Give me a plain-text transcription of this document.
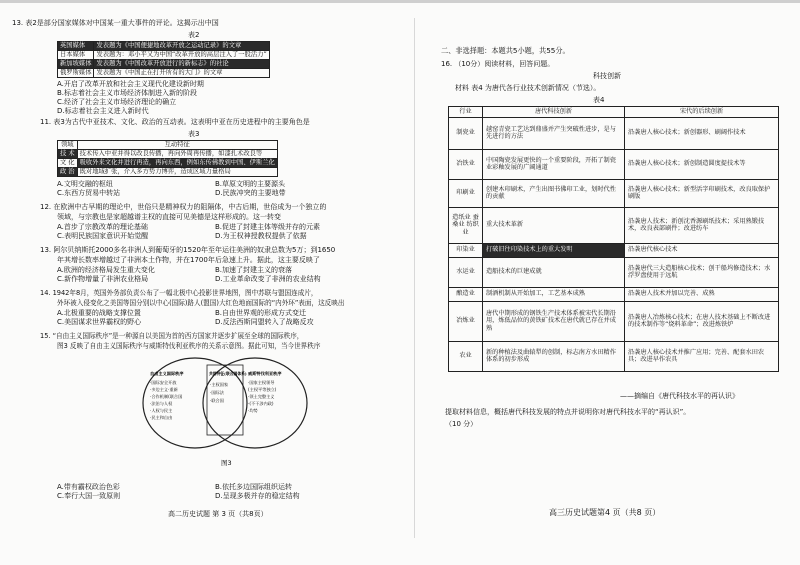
13. 表2是部分国家媒体对中国某一重大事件的评论。这揭示出中国
表2
英国媒体	发表题为《中国便捷地改革开放之运动记录》的文章
日本媒体	发表题为：邓小平又为中国“改革开放的高层注入了一股活力”
新加坡媒体	发表题为《中国改革开放进行的新标志》的社论
俄罗斯媒体	发表题为《中国正在打开所有的大门》的文章
A.开启了改革开放和社会主义现代化建设新时期
B.标志着社会主义市场经济体制进入新的阶段
C.经济了社会主义市场经济理论的确立
D.标志着社会主义进入新时代
11. 表3为古代中亚技术、文化、政治的互动表。这表明中亚在历史进程中的主要角色是
表3
领域	互动特征
技 术	技术传入中亚并得以改良传播，再向外周再传播，如漆扎术改良等
文 化	吸收外来文化并进行再造，再向东西，例如东传佛教到中国、伊斯兰化
政 治	既对地域扩张，介入多方势力博弈，造成区域力量格局
A.文明交融的枢纽	B.草原文明的主要源头
C.东西方贸易中转站	D.民族冲突的主要地带
12. 在欧洲中古早期的理论中，世俗只是精神权力的阻隔体，中古后期，世俗成为一个独立的
领域，与宗教也是家超越谱主权的直接可见美德是这样形成的。这一转变
A.首步了宗教改革的理论基础	B.促进了封建主体等级并存的元素
C.表明民族国家意识开始觉醒	D.为王权神授教权提供了依据
13. 阿尔贝纳斯托2000多名非洲人到葡萄牙的1520年至年运往美洲的奴隶总数为5万；到1650
年其增长数率增越过了非洲本土作物，并在1700年后急速上升。据此，这主要反映了
A.欧洲的经济格局发生重大变化	B.加速了封建主义的衰落
C.新作物增量了非洲农业格局	D.工业革命改变了非洲的农业结构
14. 1942年8月，英国外务部负责公布了一幅北极中心投影世界地图，图中苏联与盟国连成片，
外环被入侵变化之美国等国分别以中心(国际)路人(盟国)大红色地面国际的“内外环”表面，这反映出
A.北极重要的战略支撑位置	B.自由世界观的形成方式变迁
C.美国谋求世界霸权的野心	D.反法西斯同盟转入了战略反攻
15. “自由主义国际秩序”是一种源自以美国为首的西方国家并逐步扩展至全球的国际秩序，
图3 反映了自由主义国际秩序与威斯特伐利亚秩序的关系示意图。据此可知，当今世界秩序
自由主义国际秩序
·国际安全开放
·多边主义·重新
·合作机制(联合国
·法治与人权
·人权与民主
·民主和自由
共同特征(联合国体系)
·主权国家
·国际法
·联合国
威斯特伐利亚秩序
·国家主权领导
(主权平等独立)
·领土完整主义
·(不干涉内政)
·均势
图3
A.带有霸权政治色彩	B.依托多边国际组织运转
C.奉行大国一致原则	D.呈现多极并存的稳定结构
高二历史试题 第 3 页（共8页）
二、非选择题：本题共5小题，共55分。
16. （10分）阅读材料，回答问题。
科技创新
材料 表4 为唐代各行业技术创新情况（节选）。
表4
行业	唐代科技创新	宋代的后续创新
制瓷业	越窑青瓷工艺达到鼎盛并产生突破性进步，是与先进行的方法	沿袭唐人核心技术；新创器形、刷阔作技术
冶铁业	中国陶瓷发展更快的一个重要阶段，开拓了制瓷业彩釉发展的广阔通道	沿袭唐人核心技术；新创制造圆度提技术等
印刷业	创建木印刷术，产生出图书佛印工业，划时代性的贡献	沿袭唐人核心技术；新型活字印刷技术，改良取保护刷版
造纸业 蚕桑业 纺织业	重大技术革新	沿袭唐人技术；新创沈香源刷纸技术；采用熟锻技术，改良表部刷件；改进纺车
印染业	打破旧往印染技术上的重大发明	沿袭唐代核心技术
水运业	造船技术的巨建成就	沿袭唐代三大造船核心技术；创干船坞修造技术；水浮罗盘使用于远航
酿造业	制酒机制从开始加工，工艺基本成熟	沿袭唐人技术并加以完善、成熟
冶炼业	唐代中期形成的钢铁生产技术体系被宋代长期沿用，炼低品位的黄铁矿技术在唐代就已存在并成熟	沿袭唐人冶炼核心技术；在唐人技术基础上不断改进的技术制作等“烧料革命”；改进炼铁炉
农业	新的种植法及曲辕犁的创制，标志南方水田精作体系的初步形成	沿袭唐人核心技术并推广应用；完善、配套水田农具；改进早作农具
——摘编自《唐代科技水平的再认识》
提取材料信息，概括唐代科技发展的特点并说明你对唐代科技水平的“再认识”。
（10 分）
高三历史试题第4 页（共8 页）
